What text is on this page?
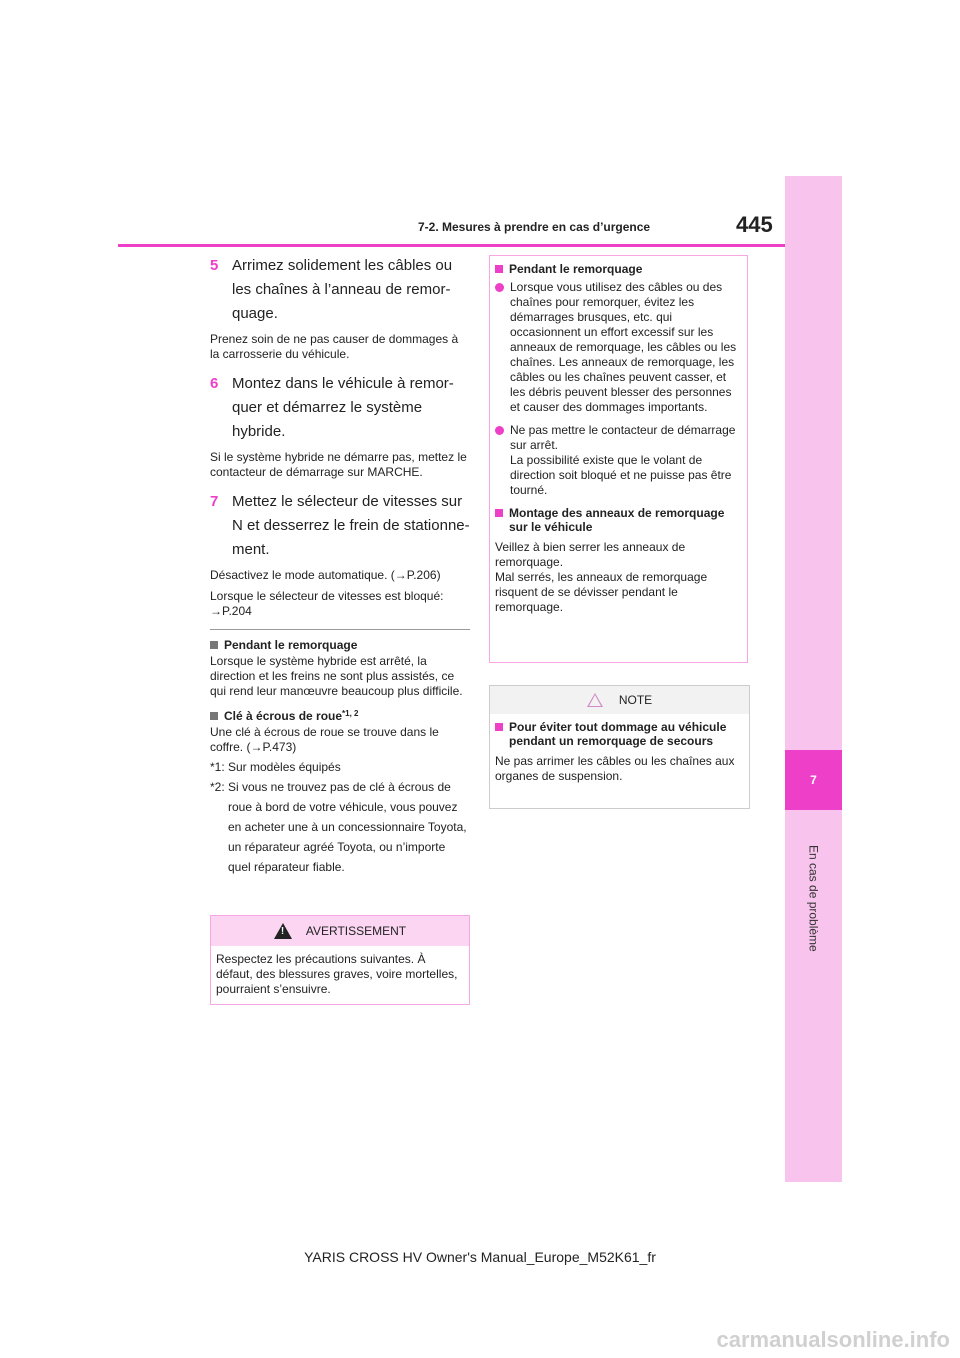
7
En cas de problème
7-2. Mesures à prendre en cas d’urgence	445
5 Arrimez solidement les câbles ou
les chaînes à l’anneau de remor-
quage.
Prenez soin de ne pas causer de dommages à la carrosserie du véhicule.
6 Montez dans le véhicule à remor-
quer et démarrez le système
hybride.
Si le système hybride ne démarre pas, mettez le contacteur de démarrage sur MARCHE.
7 Mettez le sélecteur de vitesses sur
N et desserrez le frein de stationne-
ment.
Désactivez le mode automatique. (→P.206)
Lorsque le sélecteur de vitesses est bloqué: →P.204
Pendant le remorquage
Lorsque le système hybride est arrêté, la direction et les freins ne sont plus assistés, ce qui rend leur manœuvre beaucoup plus difficile.
Clé à écrous de roue$^{*1, 2}$
Une clé à écrous de roue se trouve dans le coffre. (→P.473)
*1: Sur modèles équipés
*2: Si vous ne trouvez pas de clé à écrous de roue à bord de votre véhicule, vous pouvez en acheter une à un concessionnaire Toyota, un réparateur agréé Toyota, ou n’importe quel réparateur fiable.
!
AVERTISSEMENT
Respectez les précautions suivantes. À défaut, des blessures graves, voire mortelles, pourraient s’ensuivre.
Pendant le remorquage
Lorsque vous utilisez des câbles ou des chaînes pour remorquer, évitez les démarrages brusques, etc. qui occasionnent un effort excessif sur les anneaux de remorquage, les câbles ou les chaînes. Les anneaux de remorquage, les câbles ou les chaînes peuvent casser, et les débris peuvent blesser des personnes et causer des dommages importants.
Ne pas mettre le contacteur de démarrage sur arrêt.
La possibilité existe que le volant de direction soit bloqué et ne puisse pas être tourné.
Montage des anneaux de remorquage sur le véhicule
Veillez à bien serrer les anneaux de remorquage.
Mal serrés, les anneaux de remorquage risquent de se dévisser pendant le remorquage.
NOTE
Pour éviter tout dommage au véhicule pendant un remorquage de secours
Ne pas arrimer les câbles ou les chaînes aux organes de suspension.
YARIS CROSS HV Owner's Manual_Europe_M52K61_fr
carmanualsonline.info
